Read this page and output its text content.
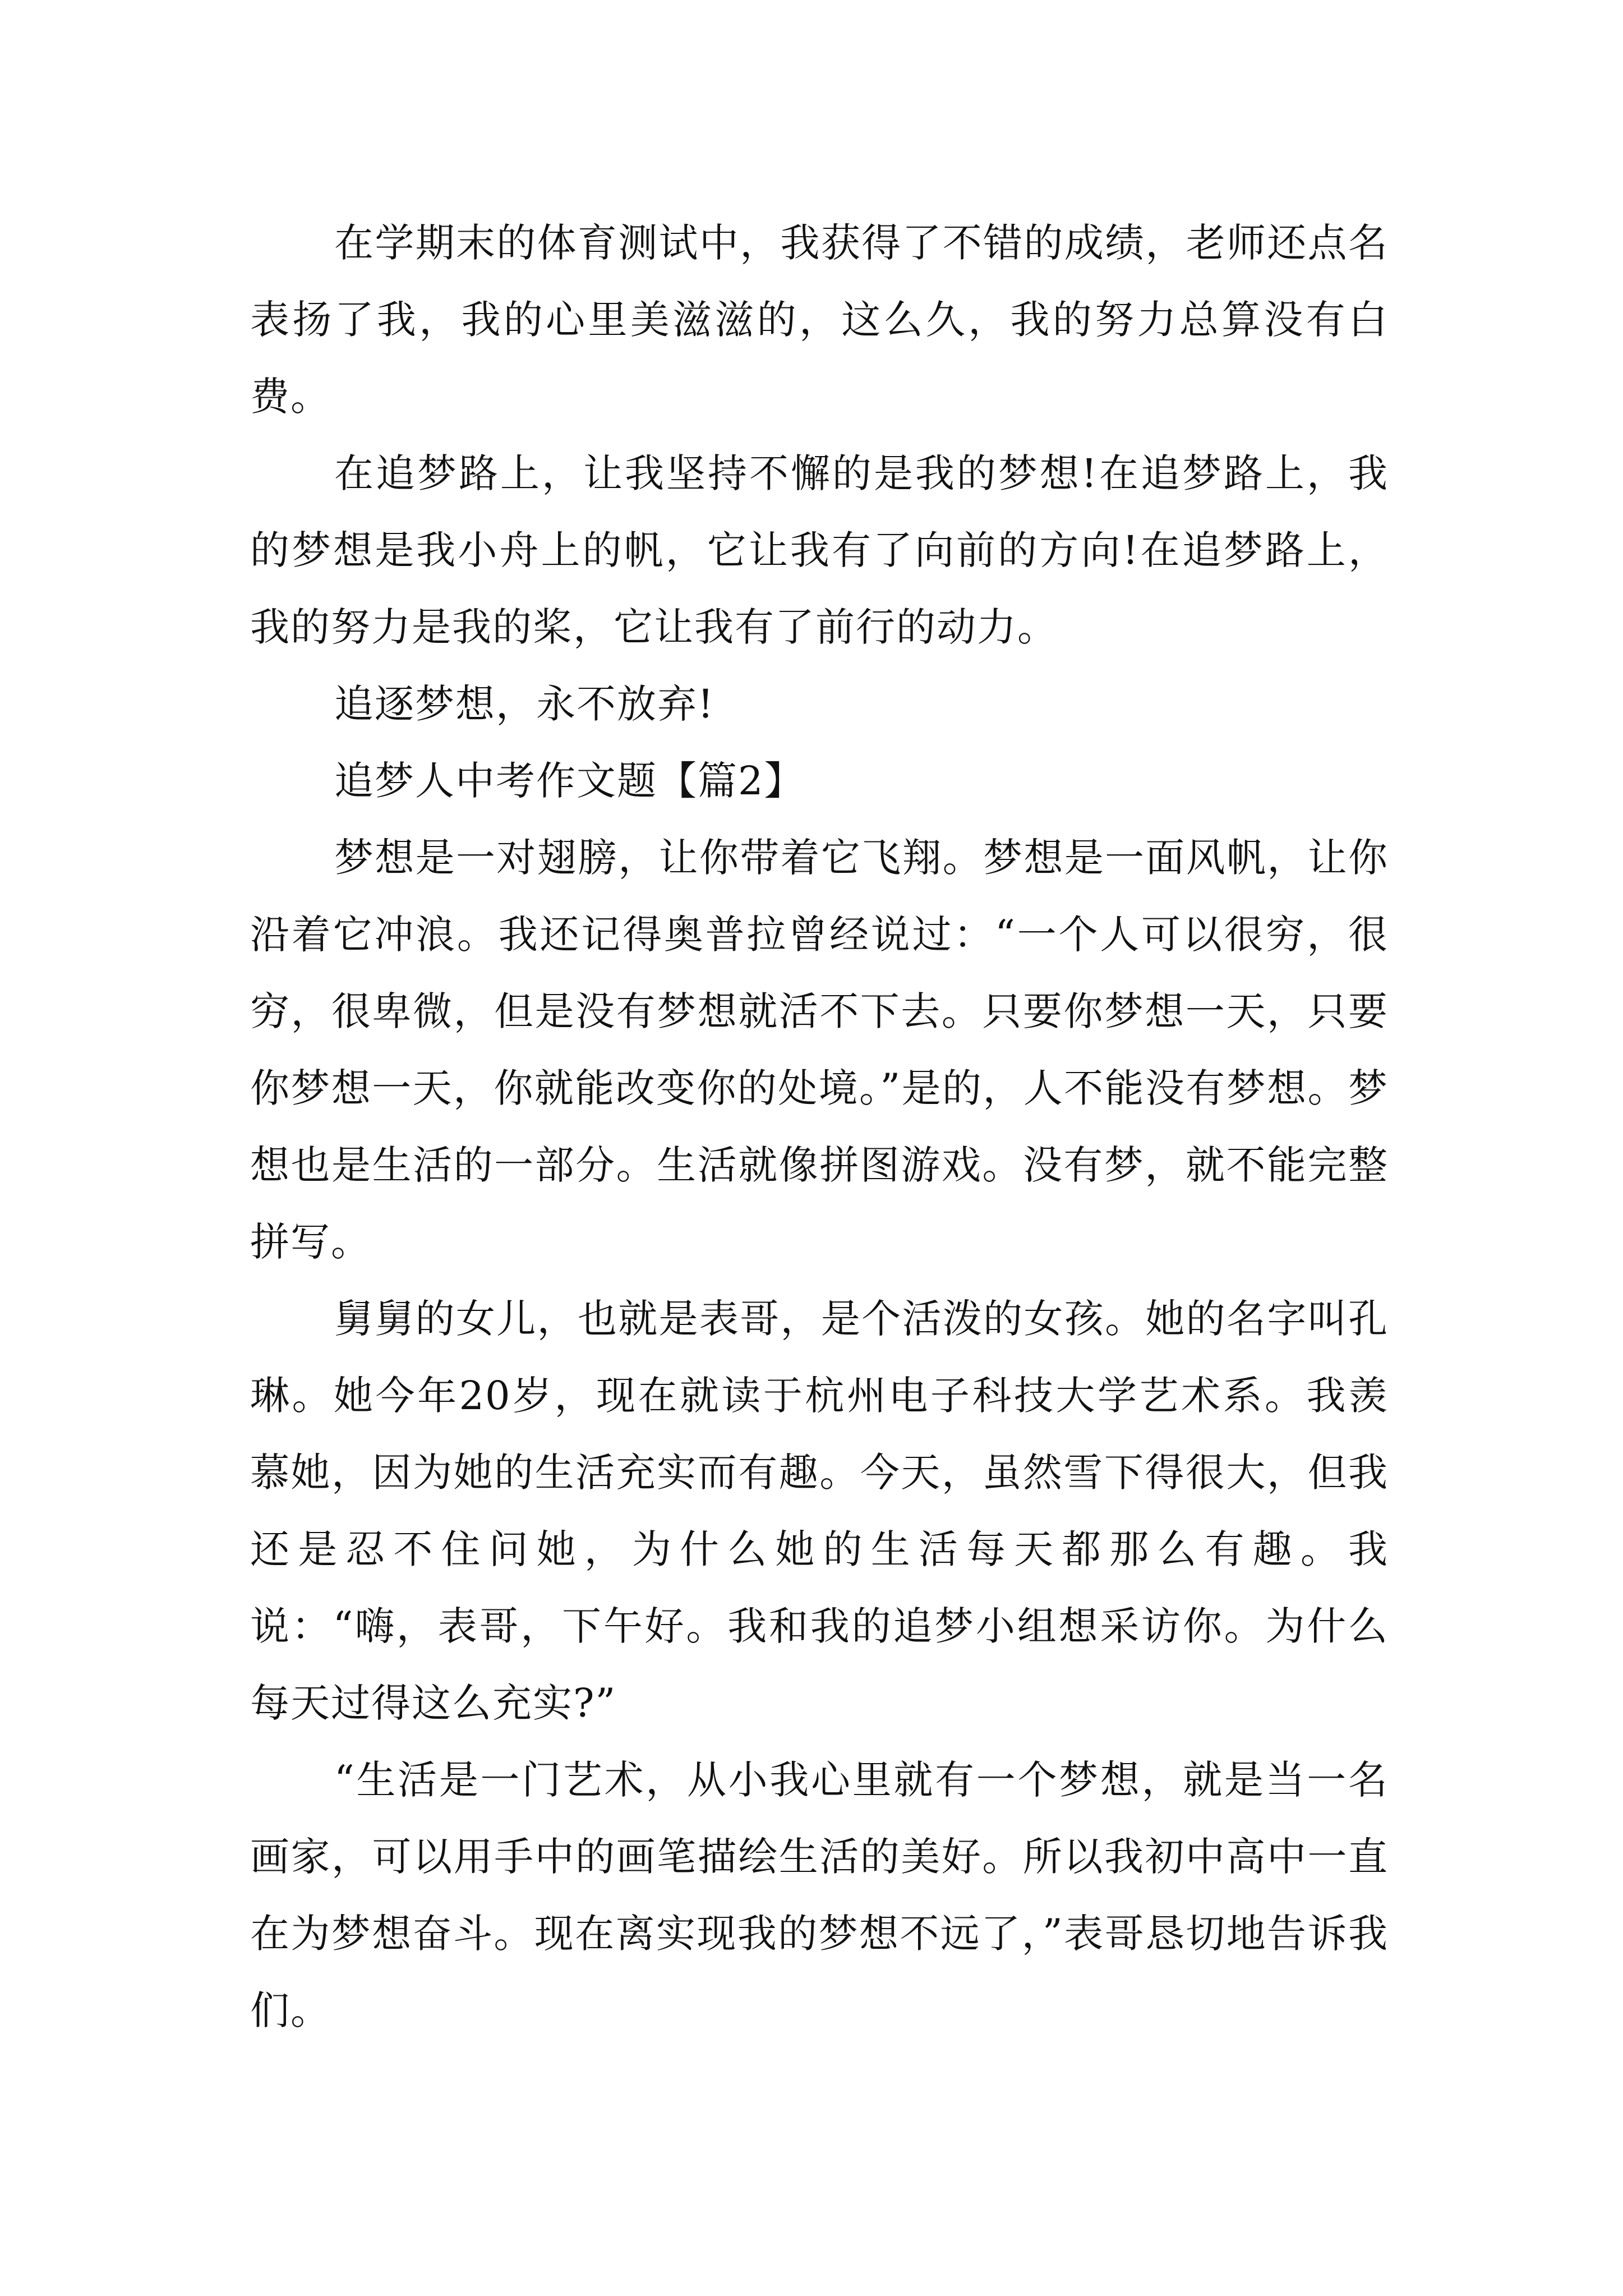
在学期末的体育测试中，我获得了不错的成绩，老师还点名表扬了我，我的心里美滋滋的，这么久，我的努力总算没有白费。

在追梦路上，让我坚持不懈的是我的梦想!在追梦路上，我的梦想是我小舟上的帆，它让我有了向前的方向!在追梦路上，我的努力是我的桨，它让我有了前行的动力。

追逐梦想，永不放弃!

追梦人中考作文题【篇2】

梦想是一对翅膀，让你带着它飞翔。梦想是一面风帆，让你沿着它冲浪。我还记得奥普拉曾经说过：“一个人可以很穷，很穷，很卑微，但是没有梦想就活不下去。只要你梦想一天，只要你梦想一天，你就能改变你的处境。”是的，人不能没有梦想。梦想也是生活的一部分。生活就像拼图游戏。没有梦，就不能完整拼写。

舅舅的女儿，也就是表哥，是个活泼的女孩。她的名字叫孔琳。她今年20岁，现在就读于杭州电子科技大学艺术系。我羡慕她，因为她的生活充实而有趣。今天，虽然雪下得很大，但我还是忍不住问她，为什么她的生活每天都那么有趣。我说：“嗨，表哥，下午好。我和我的追梦小组想采访你。为什么每天过得这么充实?”

“生活是一门艺术，从小我心里就有一个梦想，就是当一名画家，可以用手中的画笔描绘生活的美好。所以我初中高中一直在为梦想奋斗。现在离实现我的梦想不远了，”表哥恳切地告诉我们。
